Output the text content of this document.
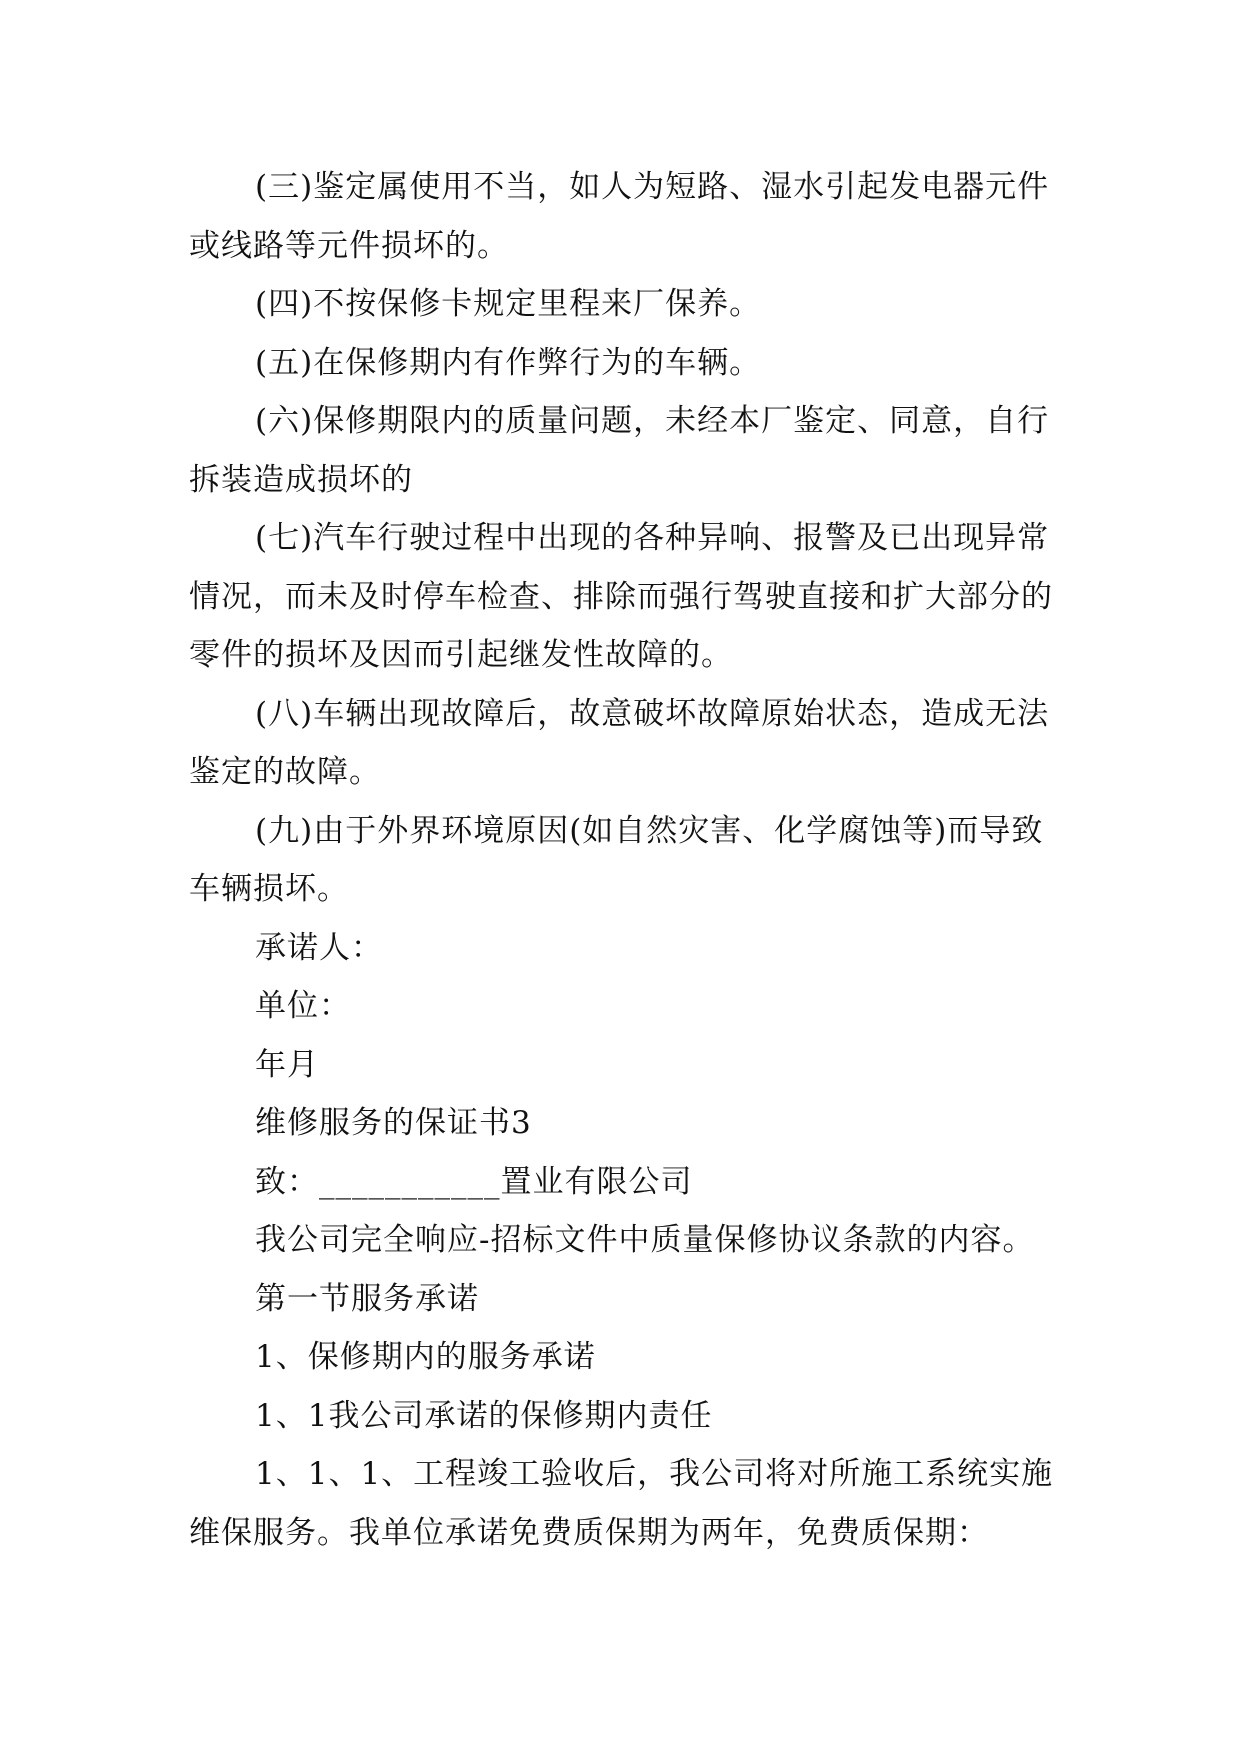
(三)鉴定属使用不当，如人为短路、湿水引起发电器元件或线路等元件损坏的。

(四)不按保修卡规定里程来厂保养。

(五)在保修期内有作弊行为的车辆。

(六)保修期限内的质量问题，未经本厂鉴定、同意，自行拆装造成损坏的

(七)汽车行驶过程中出现的各种异响、报警及已出现异常情况，而未及时停车检查、排除而强行驾驶直接和扩大部分的零件的损坏及因而引起继发性故障的。

(八)车辆出现故障后，故意破坏故障原始状态，造成无法鉴定的故障。

(九)由于外界环境原因(如自然灾害、化学腐蚀等)而导致车辆损坏。

承诺人：

单位：

年月

维修服务的保证书3

致：___________置业有限公司

我公司完全响应-招标文件中质量保修协议条款的内容。

第一节服务承诺

1、保修期内的服务承诺

1、1我公司承诺的保修期内责任

1、1、1、工程竣工验收后，我公司将对所施工系统实施维保服务。我单位承诺免费质保期为两年，免费质保期：
